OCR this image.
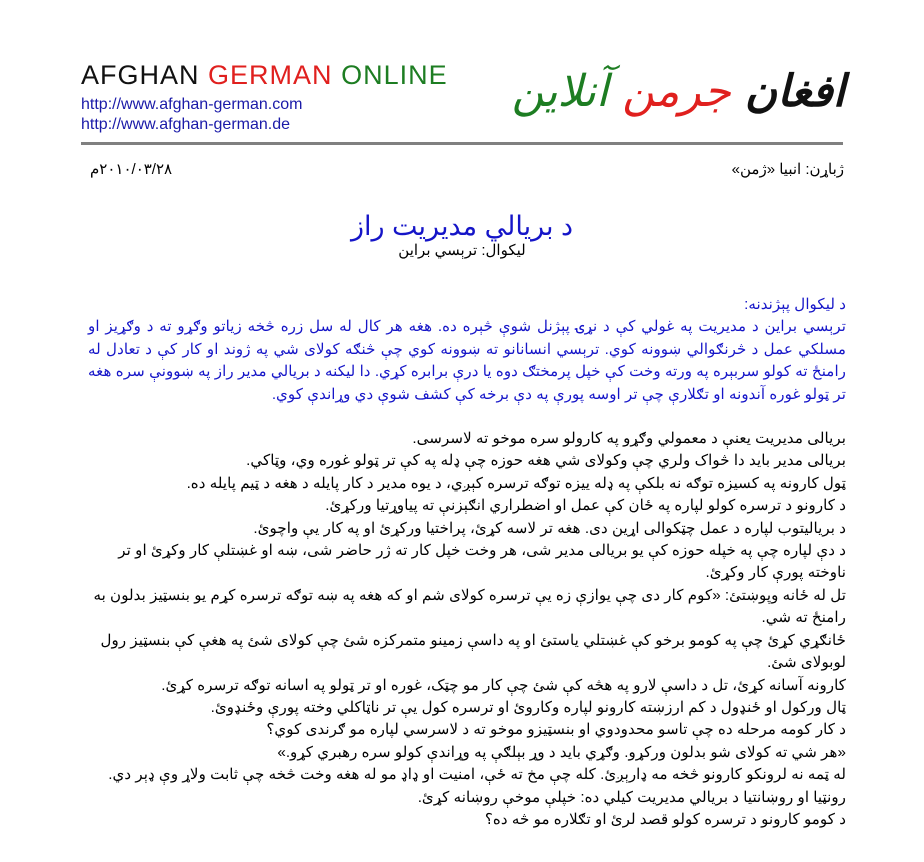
AFGHAN GERMAN ONLINE
http://www.afghan-german.com
http://www.afghan-german.de
افغان جرمن آنلاین
ژباړن: انبیا «ژمن»
۲۰۱۰/۰۳/۲۸م
د بریالي مدیریت راز
لیکوال: ترېسي براین

د لیکوال پېژندنه:

ترېسي براین د مدیریت په غولي کې د نړۍ پېژنل شوې څېره ده. هغه هر کال له سل زره څخه زیاتو وګړو ته د وګړیز او مسلکي عمل د څرنګوالي ښوونه کوي. ترېسي انسانانو ته ښوونه کوي چې څنګه کولای شي په ژوند او کار کې د تعادل له رامنځ ته کولو سربېره په ورته وخت کې خپل پرمختګ دوه یا درې برابره کړي. دا لیکنه د بریالي مدیر راز په ښوونې سره هغه تر ټولو غوره آندونه او تګلارې چې تر اوسه پورې په دې برخه کې کشف شوې دي وړاندې کوي.

بریالی مدیریت یعنې د معمولي وګړو په کارولو سره موخو ته لاسرسی.

بریالی مدیر باید دا څواک ولري چې وکولای شي هغه حوزه چې ډله په کې تر ټولو غوره وي، وټاکي.

ټول کارونه په کسیزه توګه نه بلکې په ډله ییزه توګه ترسره کېږي، د یوه مدیر د کار پایله د هغه د ټیم پایله ده.

د کارونو د ترسره کولو لپاره په ځان کې عمل او اضطراري انګېزنې ته پیاوړتیا ورکړئ.

د بریالیتوب لپاره د عمل چټکوالی اړین دی. هغه تر لاسه کړئ، پراختیا ورکړئ او په کار یې واچوئ.

د دې لپاره چې په خپله حوزه کې یو بریالی مدیر شی، هر وخت خپل کار ته ژر حاضر شی، ښه او غښتلې کار وکړئ او تر ناوخته پورې کار وکړئ.

تل له ځانه وپوښتئ: «کوم کار دی چې یوازې زه یې ترسره کولای شم او که هغه په ښه توګه ترسره کړم یو بنسټیز بدلون به رامنځ ته شي.

ځانګړي کړئ چې په کومو برخو کې غښتلي یاستئ او په داسې زمینو متمرکزه شئ چې کولای شئ په هغې کې بنسټیز رول لوبولای شئ.

کارونه آسانه کړئ، تل د داسې لارو په هڅه کې شئ چې کار مو چټک، غوره او تر ټولو په اسانه توګه ترسره کړئ.

ټال ورکول او ځنډول د کم ارزښته کارونو لپاره وکاروئ او ترسره کول یې تر ناټاکلي وخته پورې وځنډوئ.

د کار کومه مرحله ده چې تاسو محدودوي او بنسټیزو موخو ته د لاسرسي لپاره مو ګرندی کوي؟

«هر شي ته کولای شو بدلون ورکړو. وګړي باید د وړ بېلګې په وړاندې کولو سره رهبري کړو.»

له ټمه نه لرونکو کارونو څخه مه ډارېږئ. کله چې مخ ته ځې، امنیت او ډاډ مو له هغه وخت څخه چې ثابت ولاړ وې ډېر دي.

رونټیا او روښانتیا د بریالي مدیریت کیلي ده: خپلې موخې روښانه کړئ.

د کومو کارونو د ترسره کولو قصد لرئ او تګلاره مو څه ده؟
